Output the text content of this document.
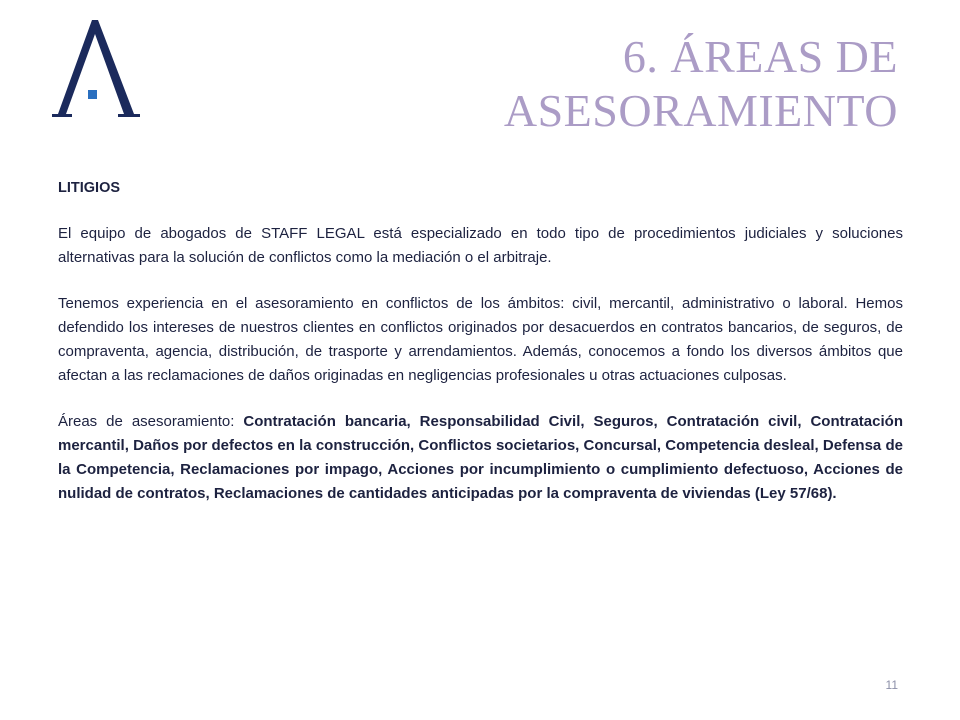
6. ÁREAS DE ASESORAMIENTO

LITIGIOS

El equipo de abogados de STAFF LEGAL está especializado en todo tipo de procedimientos judiciales y soluciones alternativas para la solución de conflictos como la mediación o el arbitraje.

Tenemos experiencia en el asesoramiento en conflictos de los ámbitos: civil, mercantil, administrativo o laboral. Hemos defendido los intereses de nuestros clientes en conflictos originados por desacuerdos en contratos bancarios, de seguros, de compraventa, agencia, distribución, de trasporte y arrendamientos. Además, conocemos a fondo los diversos ámbitos que afectan a las reclamaciones de daños originadas en negligencias profesionales u otras actuaciones culposas.

Áreas de asesoramiento: Contratación bancaria, Responsabilidad Civil, Seguros, Contratación civil, Contratación mercantil, Daños por defectos en la construcción, Conflictos societarios, Concursal, Competencia desleal, Defensa de la Competencia, Reclamaciones por impago, Acciones por incumplimiento o cumplimiento defectuoso, Acciones de nulidad de contratos, Reclamaciones de cantidades anticipadas por la compraventa de viviendas (Ley 57/68).

11
